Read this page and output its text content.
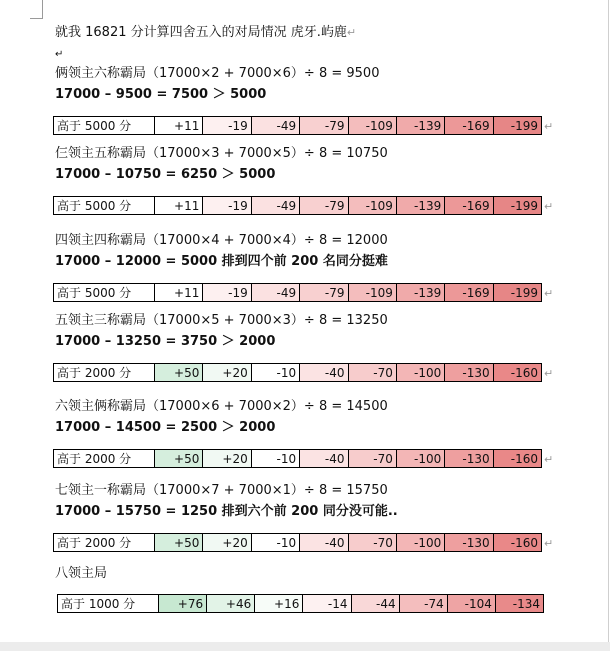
就我 16821 分计算四舍五入的对局情况 虎牙.屿鹿↵
↵
俩领主六称霸局（17000×2 + 7000×6）÷ 8 = 9500
17000 – 9500 = 7500 ＞ 5000
高于 5000 分	+11	-19	-49	-79	-109	-139	-169	-199 ↵
仨领主五称霸局（17000×3 + 7000×5）÷ 8 = 10750
17000 – 10750 = 6250 ＞ 5000
高于 5000 分	+11	-19	-49	-79	-109	-139	-169	-199 ↵
四领主四称霸局（17000×4 + 7000×4）÷ 8 = 12000
17000 – 12000 = 5000 排到四个前 200 名同分挺难
高于 5000 分	+11	-19	-49	-79	-109	-139	-169	-199 ↵
五领主三称霸局（17000×5 + 7000×3）÷ 8 = 13250
17000 – 13250 = 3750 ＞ 2000
高于 2000 分	+50	+20	-10	-40	-70	-100	-130	-160 ↵
六领主俩称霸局（17000×6 + 7000×2）÷ 8 = 14500
17000 – 14500 = 2500 ＞ 2000
高于 2000 分	+50	+20	-10	-40	-70	-100	-130	-160 ↵
七领主一称霸局（17000×7 + 7000×1）÷ 8 = 15750
17000 – 15750 = 1250 排到六个前 200 同分没可能..
高于 2000 分	+50	+20	-10	-40	-70	-100	-130	-160 ↵
八领主局
高于 1000 分	+76	+46	+16	-14	-44	-74	-104	-134
